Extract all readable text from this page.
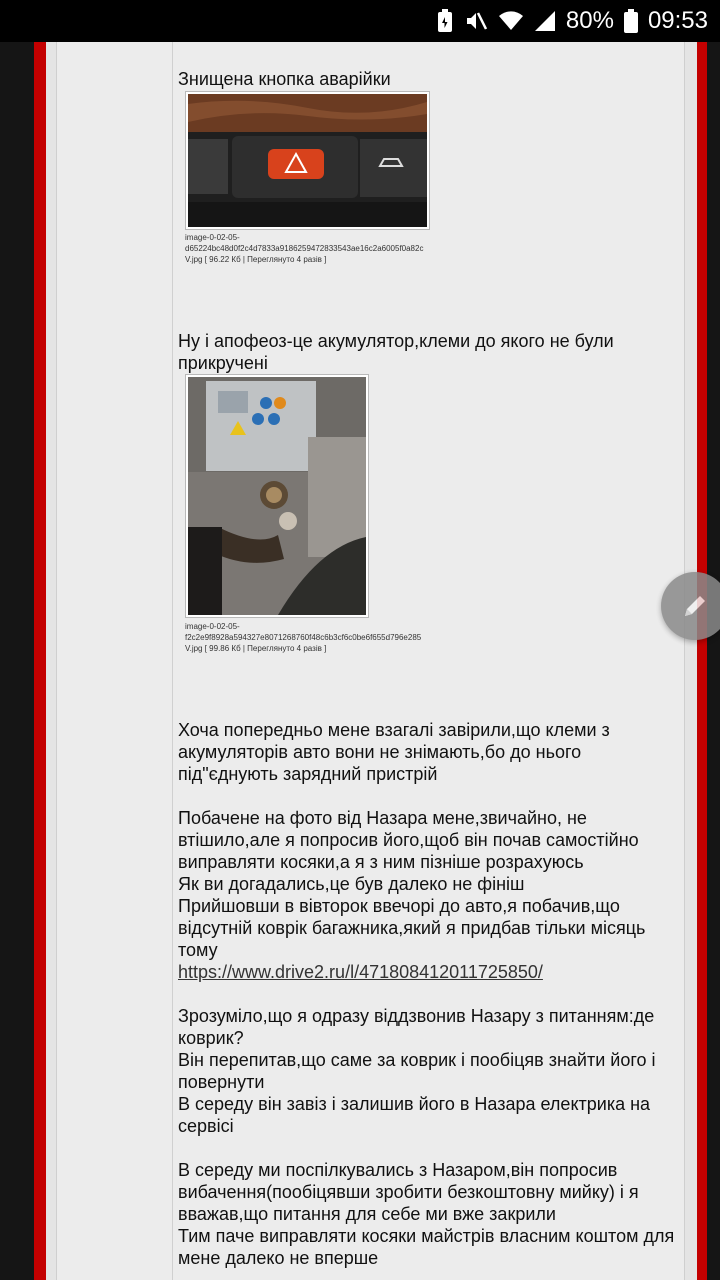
80% 09:53
Знищена кнопка аварійки
image-0-02-05-
d65224bc48d0f2c4d7833a9186259472833543ae16c2a6005f0a82c
V.jpg [ 96.22 Кб | Переглянуто 4 разів ]
Ну і апофеоз-це акумулятор,клеми до якого не були прикручені
image-0-02-05-
f2c2e9f8928a594327e8071268760f48c6b3cf6c0be6f655d796e285
V.jpg [ 99.86 Кб | Переглянуто 4 разів ]

Хоча попередньо мене взагалі завірили,що клеми з акумуляторів авто вони не знімають,бо до нього під"єднують зарядний пристрій

Побачене на фото від Назара мене,звичайно, не втішило,але я попросив його,щоб він почав самостійно виправляти косяки,а я з ним пізніше розрахуюсь

Як ви догадались,це був далеко не фініш

Прийшовши в вівторок ввечорі до авто,я побачив,що відсутній коврік багажника,який я придбав тільки місяць тому

https://www.drive2.ru/l/471808412011725850/

Зрозуміло,що я одразу віддзвонив Назару з питанням:де коврик?

Він перепитав,що саме за коврик і пообіцяв знайти його і повернути

В середу він завіз і залишив його в Назара електрика на сервісі

В середу ми поспілкувались з Назаром,він попросив вибачення(пообіцявши зробити безкоштовну мийку) і я вважав,що питання для себе ми вже закрили

Тим паче виправляти косяки майстрів власним коштом для мене далеко не вперше
